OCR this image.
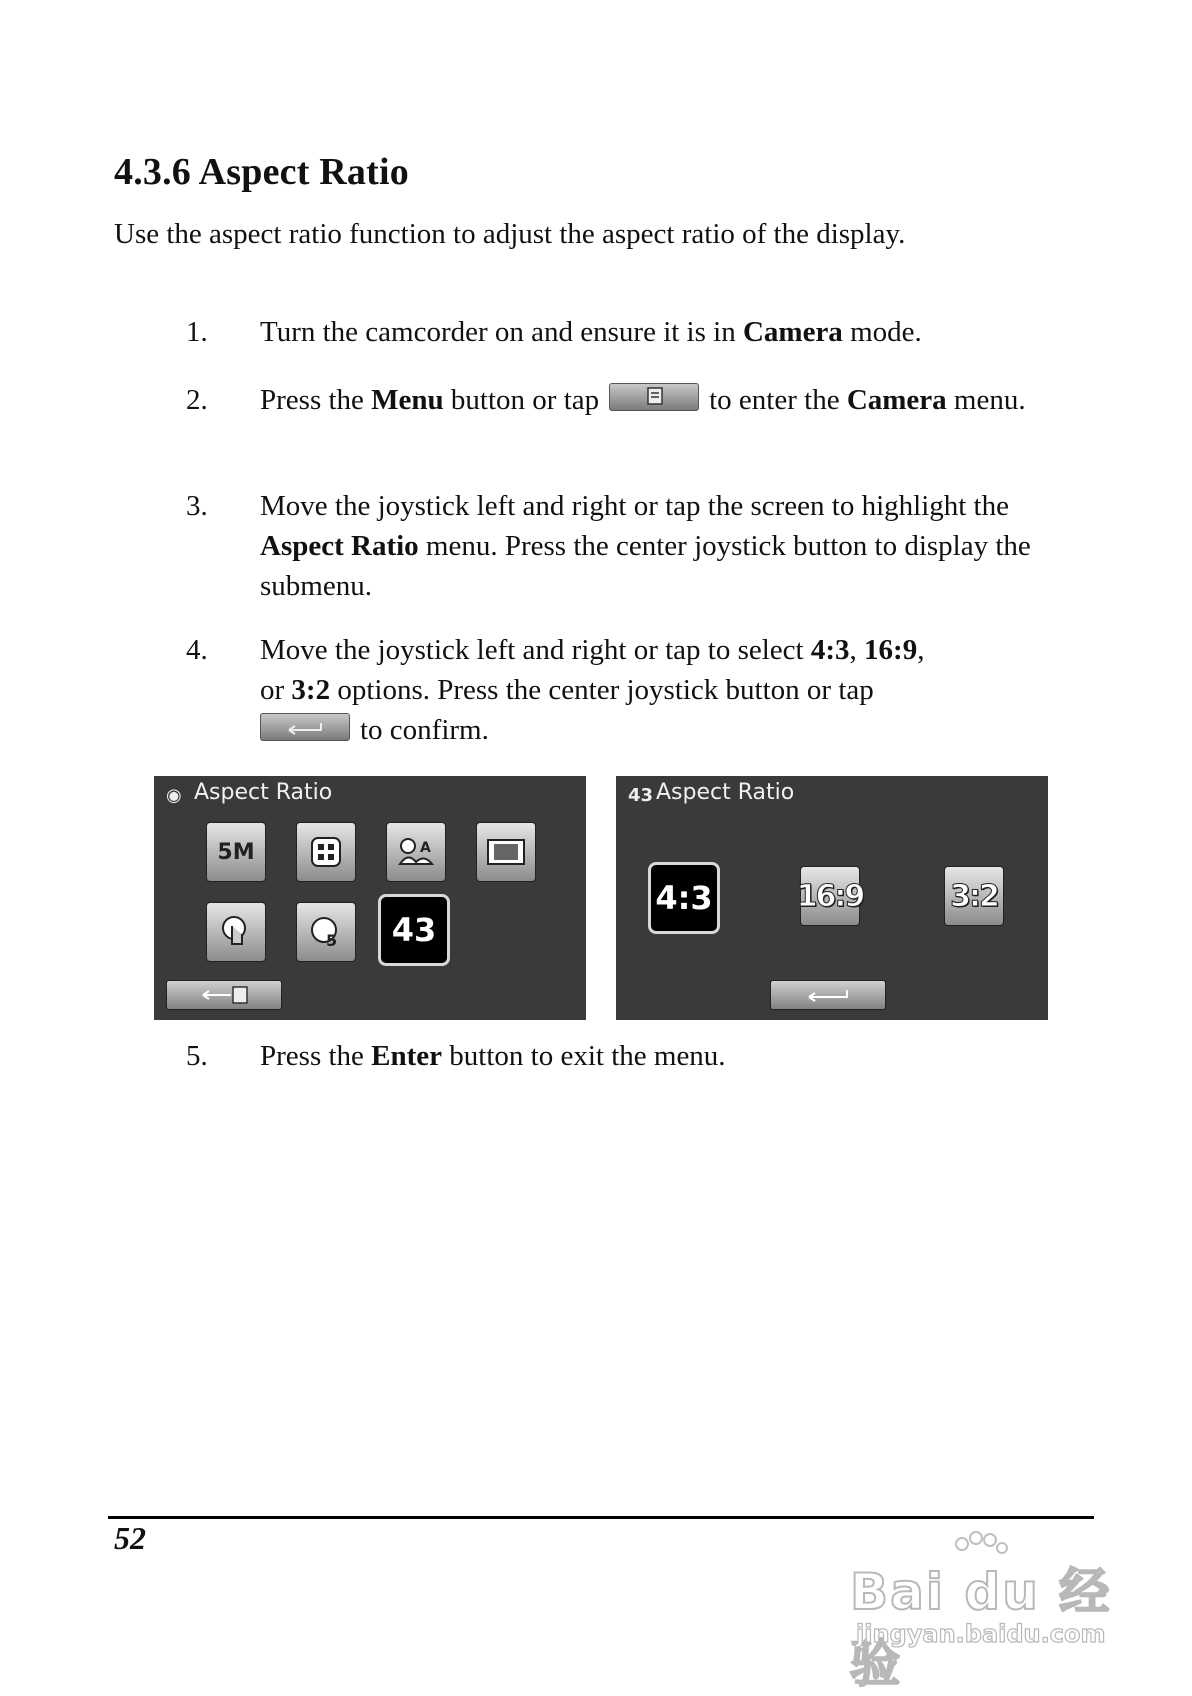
4.3.6 Aspect Ratio

Use the aspect ratio function to adjust the aspect ratio of the display.

1.	Turn the camcorder on and ensure it is in Camera mode.
2.	Press the Menu button or tap	to enter the Camera menu.
3.	Move the joystick left and right or tap the screen to highlight the Aspect Ratio menu. Press the center joystick button to display the submenu.
4.	Move the joystick left and right or tap to select 4:3, 16:9,
or 3:2 options. Press the center joystick button or tap

to confirm.
◉ Aspect Ratio
5M	A
5	43
43 Aspect Ratio
4:3	16:9	3:2
5.	Press the Enter button to exit the menu.
52
Bai du 经验
jingyan.baidu.com
